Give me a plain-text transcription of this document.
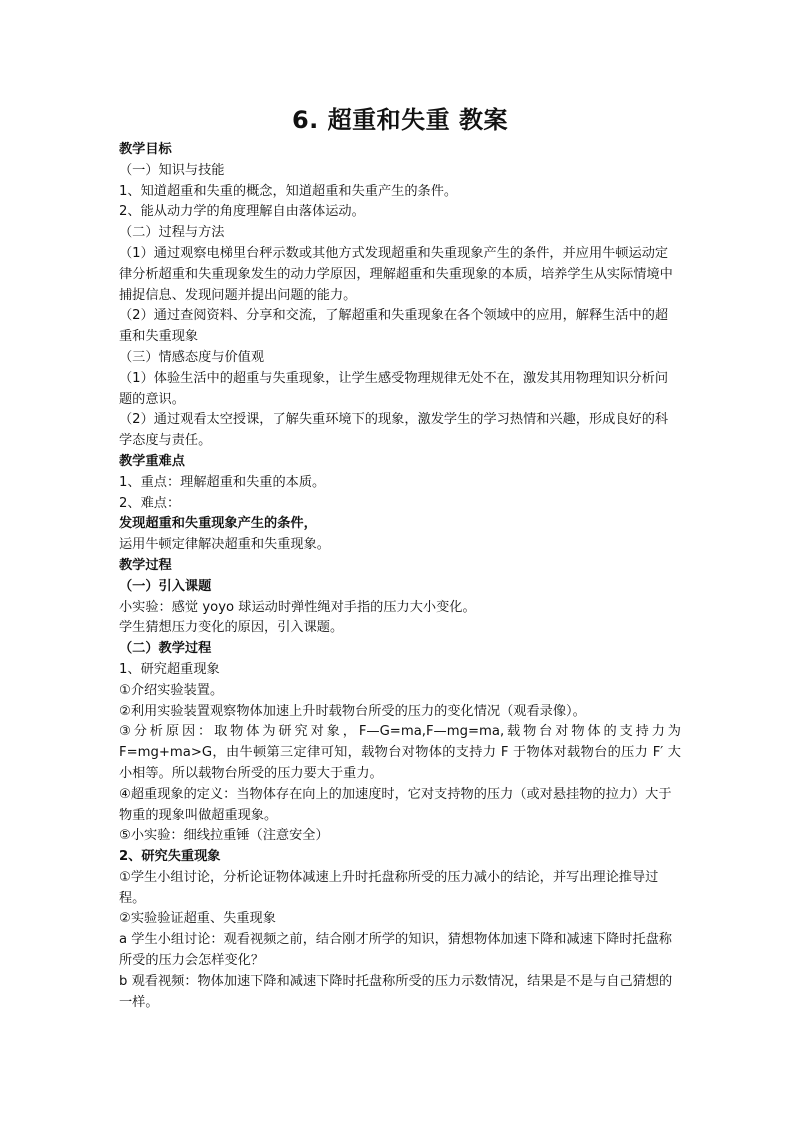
6. 超重和失重 教案
教学目标
（一）知识与技能
1、知道超重和失重的概念，知道超重和失重产生的条件。
2、能从动力学的角度理解自由落体运动。
（二）过程与方法
（1）通过观察电梯里台秤示数或其他方式发现超重和失重现象产生的条件，并应用牛顿运动定律分析超重和失重现象发生的动力学原因，理解超重和失重现象的本质，培养学生从实际情境中捕捉信息、发现问题并提出问题的能力。
（2）通过查阅资料、分享和交流，了解超重和失重现象在各个领域中的应用，解释生活中的超重和失重现象
（三）情感态度与价值观
（1）体验生活中的超重与失重现象，让学生感受物理规律无处不在，激发其用物理知识分析问题的意识。
（2）通过观看太空授课，了解失重环境下的现象，激发学生的学习热情和兴趣，形成良好的科学态度与责任。
教学重难点
1、重点：理解超重和失重的本质。
2、难点：
发现超重和失重现象产生的条件，
运用牛顿定律解决超重和失重现象。
教学过程
（一）引入课题
小实验：感觉 yoyo 球运动时弹性绳对手指的压力大小变化。
学生猜想压力变化的原因，引入课题。
（二）教学过程
1、研究超重现象
①介绍实验装置。
②利用实验装置观察物体加速上升时载物台所受的压力的变化情况（观看录像）。
③分析原因：取物体为研究对象，F—G=ma,F—mg=ma,载物台对物体的支持力为F=mg+ma>G，由牛顿第三定律可知，载物台对物体的支持力 F 于物体对载物台的压力 F′ 大小相等。所以载物台所受的压力要大于重力。
④超重现象的定义：当物体存在向上的加速度时，它对支持物的压力（或对悬挂物的拉力）大于物重的现象叫做超重现象。
⑤小实验：细线拉重锤（注意安全）
2、研究失重现象
①学生小组讨论，分析论证物体减速上升时托盘称所受的压力减小的结论，并写出理论推导过程。
②实验验证超重、失重现象
a 学生小组讨论：观看视频之前，结合刚才所学的知识，猜想物体加速下降和减速下降时托盘称所受的压力会怎样变化？
b 观看视频：物体加速下降和减速下降时托盘称所受的压力示数情况，结果是不是与自己猜想的一样。
